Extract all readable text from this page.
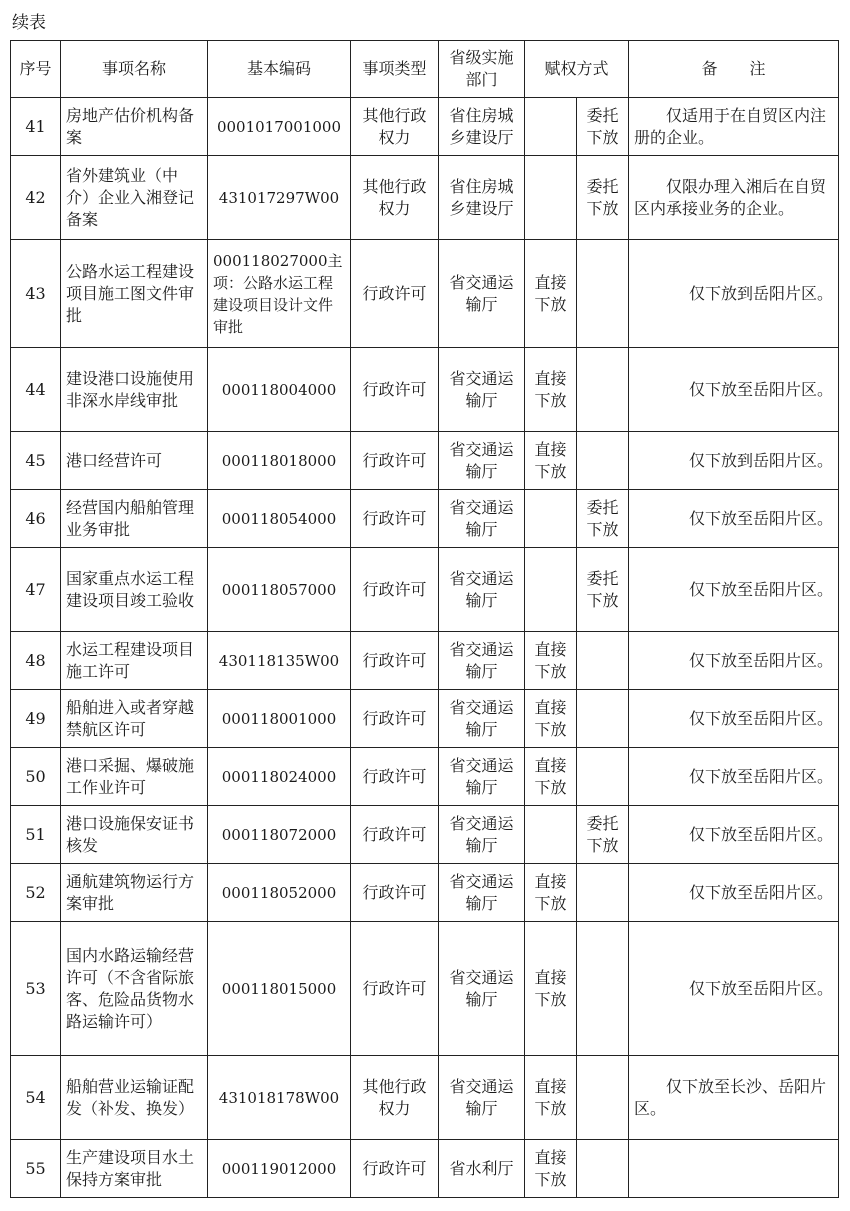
续表
序号	事项名称	基本编码	事项类型	省级实施部门	赋权方式		备　　注
41	房地产估价机构备案	0001017001000	其他行政权力	省住房城乡建设厅		委托下放	仅适用于在自贸区内注册的企业。

42	省外建筑业（中介）企业入湘登记备案	431017297W00	其他行政权力	省住房城乡建设厅		委托下放	仅限办理入湘后在自贸区内承接业务的企业。

43	公路水运工程建设项目施工图文件审批	000118027000主项：公路水运工程建设项目设计文件审批	行政许可	省交通运输厅	直接下放		仅下放到岳阳片区。

44	建设港口设施使用非深水岸线审批	000118004000	行政许可	省交通运输厅	直接下放		仅下放至岳阳片区。

45	港口经营许可	000118018000	行政许可	省交通运输厅	直接下放		仅下放到岳阳片区。

46	经营国内船舶管理业务审批	000118054000	行政许可	省交通运输厅		委托下放	仅下放至岳阳片区。

47	国家重点水运工程建设项目竣工验收	000118057000	行政许可	省交通运输厅		委托下放	仅下放至岳阳片区。

48	水运工程建设项目施工许可	430118135W00	行政许可	省交通运输厅	直接下放		仅下放至岳阳片区。

49	船舶进入或者穿越禁航区许可	000118001000	行政许可	省交通运输厅	直接下放		仅下放至岳阳片区。

50	港口采掘、爆破施工作业许可	000118024000	行政许可	省交通运输厅	直接下放		仅下放至岳阳片区。

51	港口设施保安证书核发	000118072000	行政许可	省交通运输厅		委托下放	仅下放至岳阳片区。

52	通航建筑物运行方案审批	000118052000	行政许可	省交通运输厅	直接下放		仅下放至岳阳片区。

53	国内水路运输经营许可（不含省际旅客、危险品货物水路运输许可）	000118015000	行政许可	省交通运输厅	直接下放		仅下放至岳阳片区。

54	船舶营业运输证配发（补发、换发）	431018178W00	其他行政权力	省交通运输厅	直接下放		仅下放至长沙、岳阳片区。

55	生产建设项目水土保持方案审批	000119012000	行政许可	省水利厅	直接下放		
